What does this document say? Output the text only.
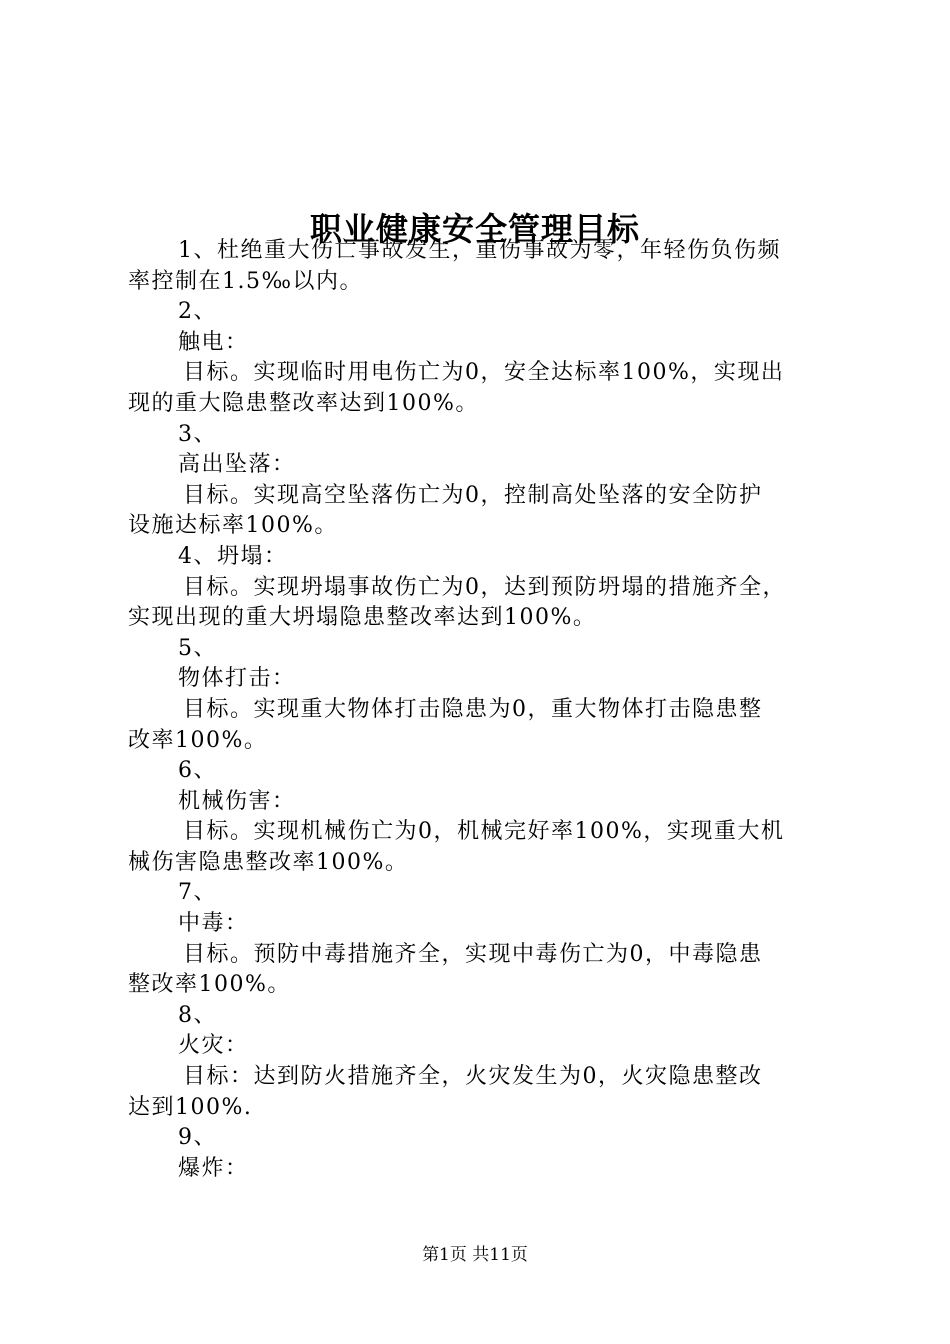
职业健康安全管理目标

1、杜绝重大伤亡事故发生，重伤事故为零，年轻伤负伤频

率控制在1.5‰以内。

2、

触电：

目标。实现临时用电伤亡为0，安全达标率100%，实现出

现的重大隐患整改率达到100%。

3、

高出坠落：

目标。实现高空坠落伤亡为0，控制高处坠落的安全防护

设施达标率100%。

4、坍塌：

目标。实现坍塌事故伤亡为0，达到预防坍塌的措施齐全，

实现出现的重大坍塌隐患整改率达到100%。

5、

物体打击：

目标。实现重大物体打击隐患为0，重大物体打击隐患整

改率100%。

6、

机械伤害：

目标。实现机械伤亡为0，机械完好率100%，实现重大机

械伤害隐患整改率100%。

7、

中毒：

目标。预防中毒措施齐全，实现中毒伤亡为0，中毒隐患

整改率100%。

8、

火灾：

目标：达到防火措施齐全，火灾发生为0，火灾隐患整改

达到100%.

9、

爆炸：

第1页 共11页
